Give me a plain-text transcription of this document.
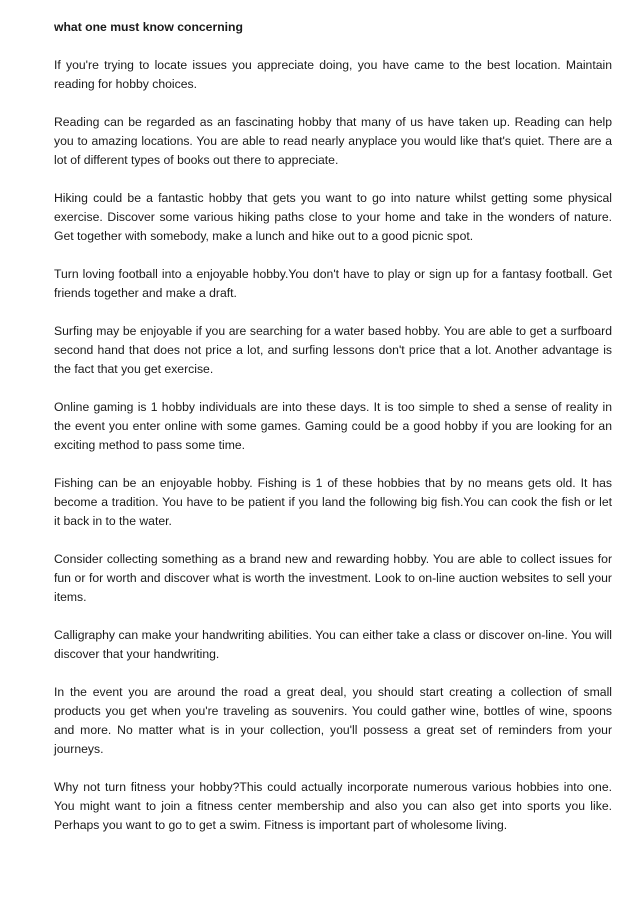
what one must know concerning

If you're trying to locate issues you appreciate doing, you have came to the best location. Maintain reading for hobby choices.

Reading can be regarded as an fascinating hobby that many of us have taken up. Reading can help you to amazing locations. You are able to read nearly anyplace you would like that's quiet. There are a lot of different types of books out there to appreciate.

Hiking could be a fantastic hobby that gets you want to go into nature whilst getting some physical exercise. Discover some various hiking paths close to your home and take in the wonders of nature. Get together with somebody, make a lunch and hike out to a good picnic spot.

Turn loving football into a enjoyable hobby.You don't have to play or sign up for a fantasy football. Get friends together and make a draft.

Surfing may be enjoyable if you are searching for a water based hobby. You are able to get a surfboard second hand that does not price a lot, and surfing lessons don't price that a lot. Another advantage is the fact that you get exercise.

Online gaming is 1 hobby individuals are into these days. It is too simple to shed a sense of reality in the event you enter online with some games. Gaming could be a good hobby if you are looking for an exciting method to pass some time.

Fishing can be an enjoyable hobby. Fishing is 1 of these hobbies that by no means gets old. It has become a tradition. You have to be patient if you land the following big fish.You can cook the fish or let it back in to the water.

Consider collecting something as a brand new and rewarding hobby. You are able to collect issues for fun or for worth and discover what is worth the investment. Look to on-line auction websites to sell your items.

Calligraphy can make your handwriting abilities. You can either take a class or discover on-line. You will discover that your handwriting.

In the event you are around the road a great deal, you should start creating a collection of small products you get when you're traveling as souvenirs. You could gather wine, bottles of wine, spoons and more. No matter what is in your collection, you'll possess a great set of reminders from your journeys.

Why not turn fitness your hobby?This could actually incorporate numerous various hobbies into one. You might want to join a fitness center membership and also you can also get into sports you like. Perhaps you want to go to get a swim. Fitness is important part of wholesome living.
